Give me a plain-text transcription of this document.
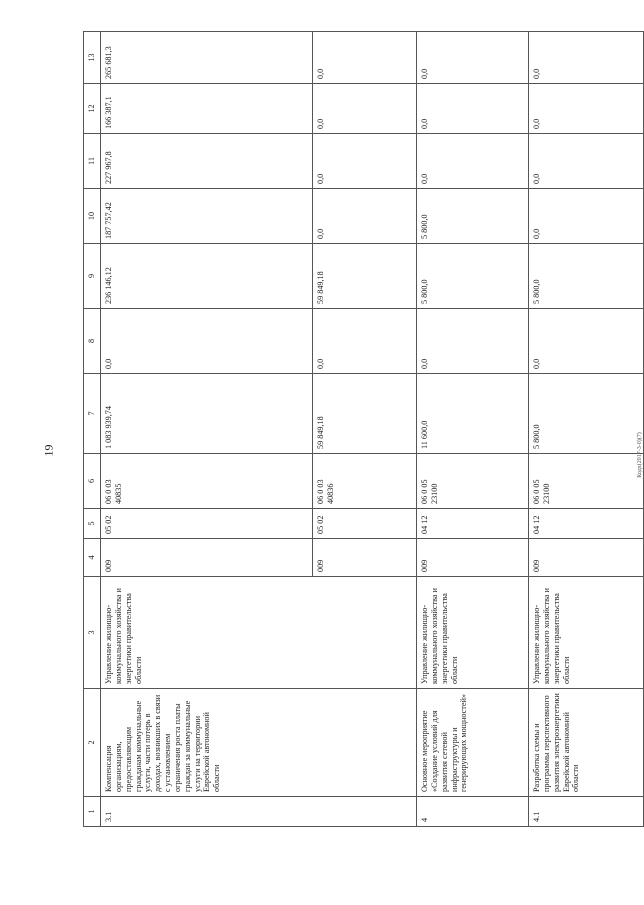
19	Кодх(2017-3-0)(7)
1	2	3	4	5	6	7	8	9	10	11	12	13
3.1	Компенсация организациям, предоставляющим гражданам коммунальные услуги, части потерь в доходах, возникших в связи с установлением ограничения роста платы граждан за коммунальные услуги на территории Еврейской автономной области	Управление жилищно-коммунального хозяйства и энергетики правительства области	009	05 02	06 0 03 40835	1 083 939,74	0,0	236 146,12	187 757,42	227 967,8	166 387,1	265 681,3
			009	05 02	06 0 03 40836	59 849,18	0,0	59 849,18	0,0	0,0	0,0	0,0
4	Основное мероприятие «Создание условий для развития сетевой инфраструктуры и генерирующих мощностей»	Управление жилищно-коммунального хозяйства и энергетики правительства области	009	04 12	06 0 05 23100	11 600,0	0,0	5 800,0	5 800,0	0,0	0,0	0,0
4.1	Разработка схемы и программы перспективного развития электроэнергетики Еврейской автономной области	Управление жилищно-коммунального хозяйства и энергетики правительства области	009	04 12	06 0 05 23100	5 800,0	0,0	5 800,0	0,0	0,0	0,0	0,0
